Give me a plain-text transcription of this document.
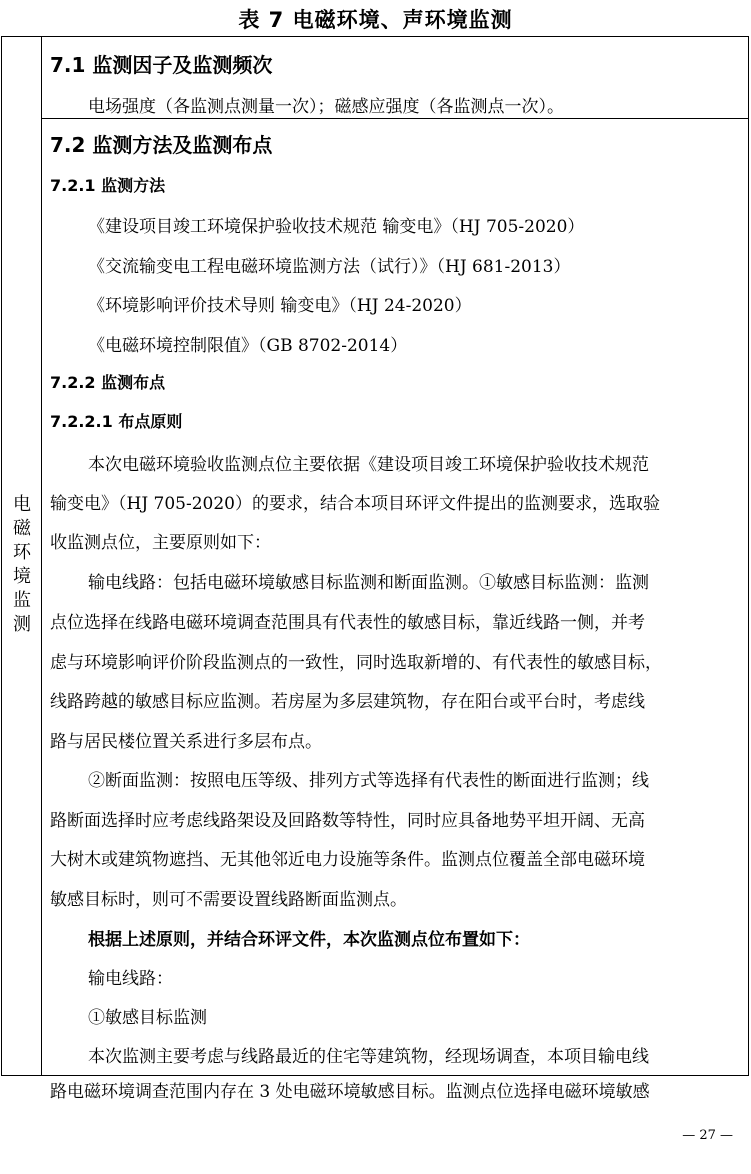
表 7 电磁环境、声环境监测
电
磁
环
境
监
测
7.1 监测因子及监测频次
电场强度（各监测点测量一次）；磁感应强度（各监测点一次）。
7.2 监测方法及监测布点
7.2.1 监测方法
《建设项目竣工环境保护验收技术规范 输变电》（HJ 705-2020）
《交流输变电工程电磁环境监测方法（试行）》（HJ 681-2013）
《环境影响评价技术导则 输变电》（HJ 24-2020）
《电磁环境控制限值》（GB 8702-2014）
7.2.2 监测布点
7.2.2.1 布点原则
本次电磁环境验收监测点位主要依据《建设项目竣工环境保护验收技术规范
输变电》（HJ 705-2020）的要求，结合本项目环评文件提出的监测要求，选取验
收监测点位，主要原则如下：
输电线路：包括电磁环境敏感目标监测和断面监测。①敏感目标监测：监测
点位选择在线路电磁环境调查范围具有代表性的敏感目标，靠近线路一侧，并考
虑与环境影响评价阶段监测点的一致性，同时选取新增的、有代表性的敏感目标，
线路跨越的敏感目标应监测。若房屋为多层建筑物，存在阳台或平台时，考虑线
路与居民楼位置关系进行多层布点。
②断面监测：按照电压等级、排列方式等选择有代表性的断面进行监测；线
路断面选择时应考虑线路架设及回路数等特性，同时应具备地势平坦开阔、无高
大树木或建筑物遮挡、无其他邻近电力设施等条件。监测点位覆盖全部电磁环境
敏感目标时，则可不需要设置线路断面监测点。
根据上述原则，并结合环评文件，本次监测点位布置如下：
输电线路：
①敏感目标监测
本次监测主要考虑与线路最近的住宅等建筑物，经现场调查，本项目输电线
路电磁环境调查范围内存在 3 处电磁环境敏感目标。监测点位选择电磁环境敏感
— 27 —
